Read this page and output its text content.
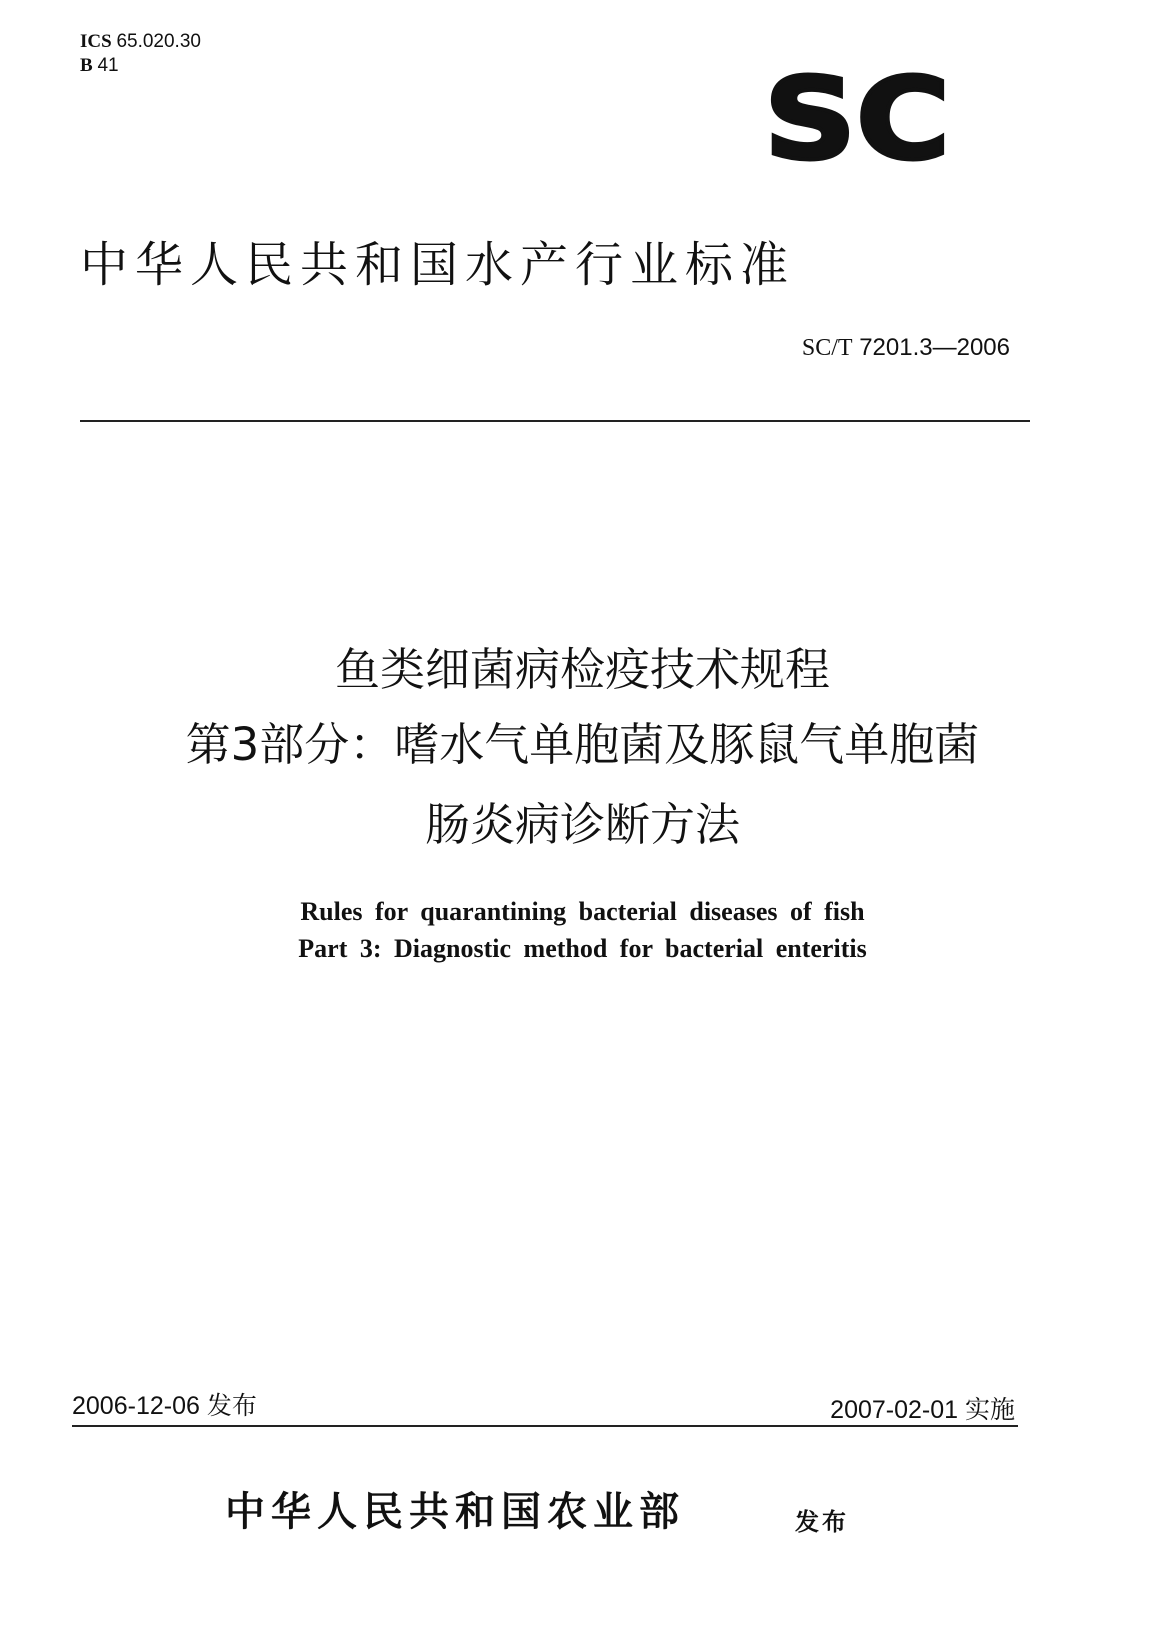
ICS 65.020.30
B 41	SC
中华人民共和国水产行业标准
SC/T 7201.3—2006
鱼类细菌病检疫技术规程
第3部分：嗜水气单胞菌及豚鼠气单胞菌
肠炎病诊断方法
Rules for quarantining bacterial diseases of fish
Part 3: Diagnostic method for bacterial enteritis
2006-12-06 发布	2007-02-01 实施
中华人民共和国农业部	发布
